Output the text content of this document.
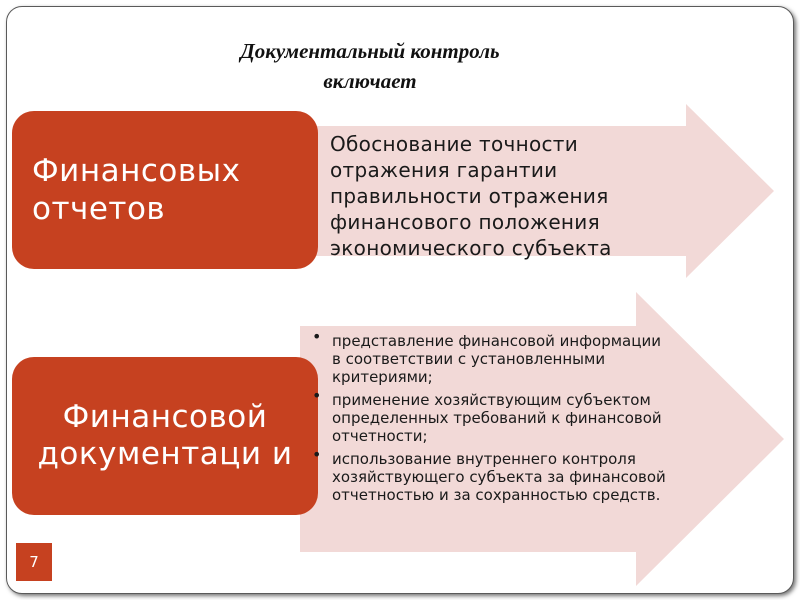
Документальный контроль
включает
Финансовых отчетов
Обоснование точности отражения гарантии правильности отражения финансового положения экономического субъекта
Финансовой документаци и
• представление финансовой информации в соответствии с установленными критериями;
• применение хозяйствующим субъектом определенных требований к финансовой отчетности;
• использование внутреннего контроля хозяйствующего субъекта за финансовой отчетностью и за сохранностью средств.
7
